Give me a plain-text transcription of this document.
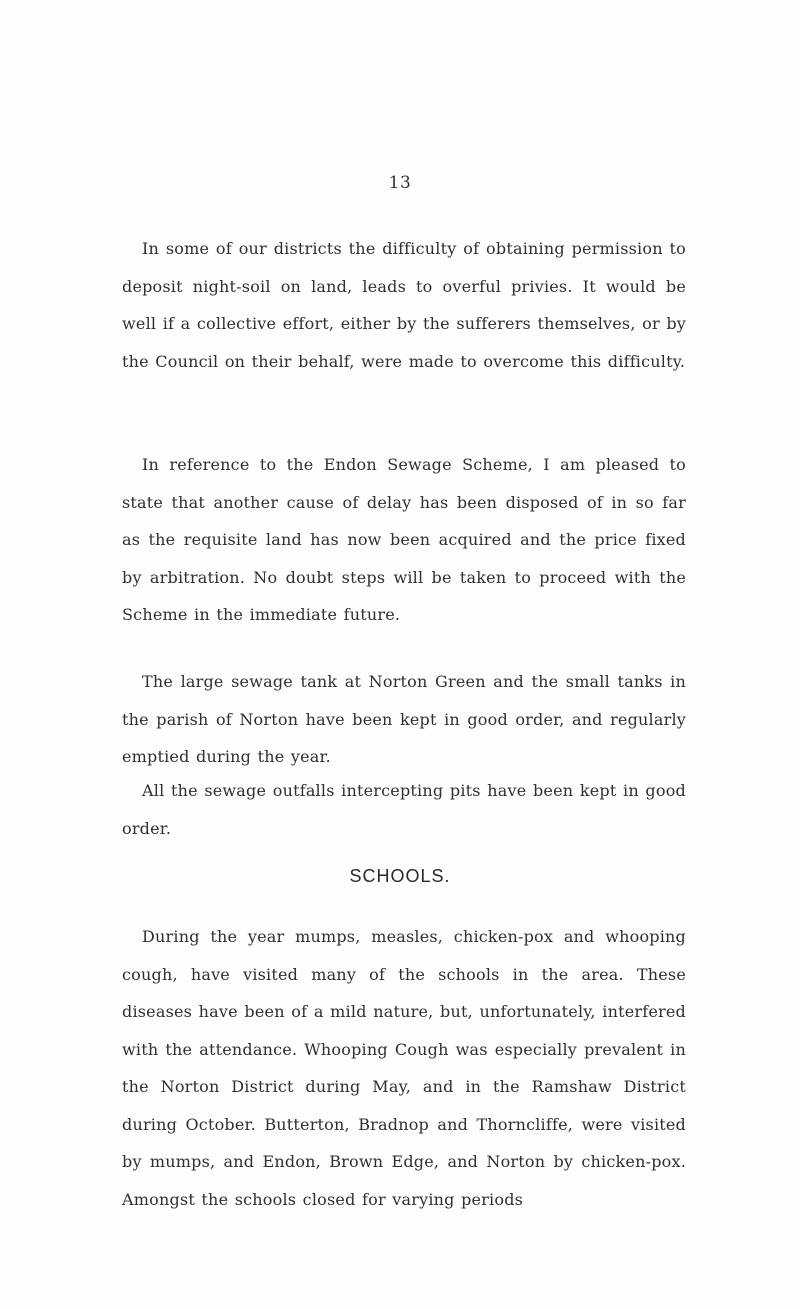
13

In some of our districts the difficulty of obtaining permission to deposit night-soil on land, leads to overful privies. It would be well if a collective effort, either by the sufferers themselves, or by the Council on their behalf, were made to overcome this difficulty.

In reference to the Endon Sewage Scheme, I am pleased to state that another cause of delay has been disposed of in so far as the requisite land has now been acquired and the price fixed by arbitration. No doubt steps will be taken to proceed with the Scheme in the immediate future.

The large sewage tank at Norton Green and the small tanks in the parish of Norton have been kept in good order, and regularly emptied during the year.

All the sewage outfalls intercepting pits have been kept in good order.

SCHOOLS.

During the year mumps, measles, chicken-pox and whooping cough, have visited many of the schools in the area. These diseases have been of a mild nature, but, unfortunately, interfered with the attendance. Whooping Cough was especially prevalent in the Norton District during May, and in the Ramshaw District during October. Butterton, Bradnop and Thorncliffe, were visited by mumps, and Endon, Brown Edge, and Norton by chicken-pox. Amongst the schools closed for varying periods
